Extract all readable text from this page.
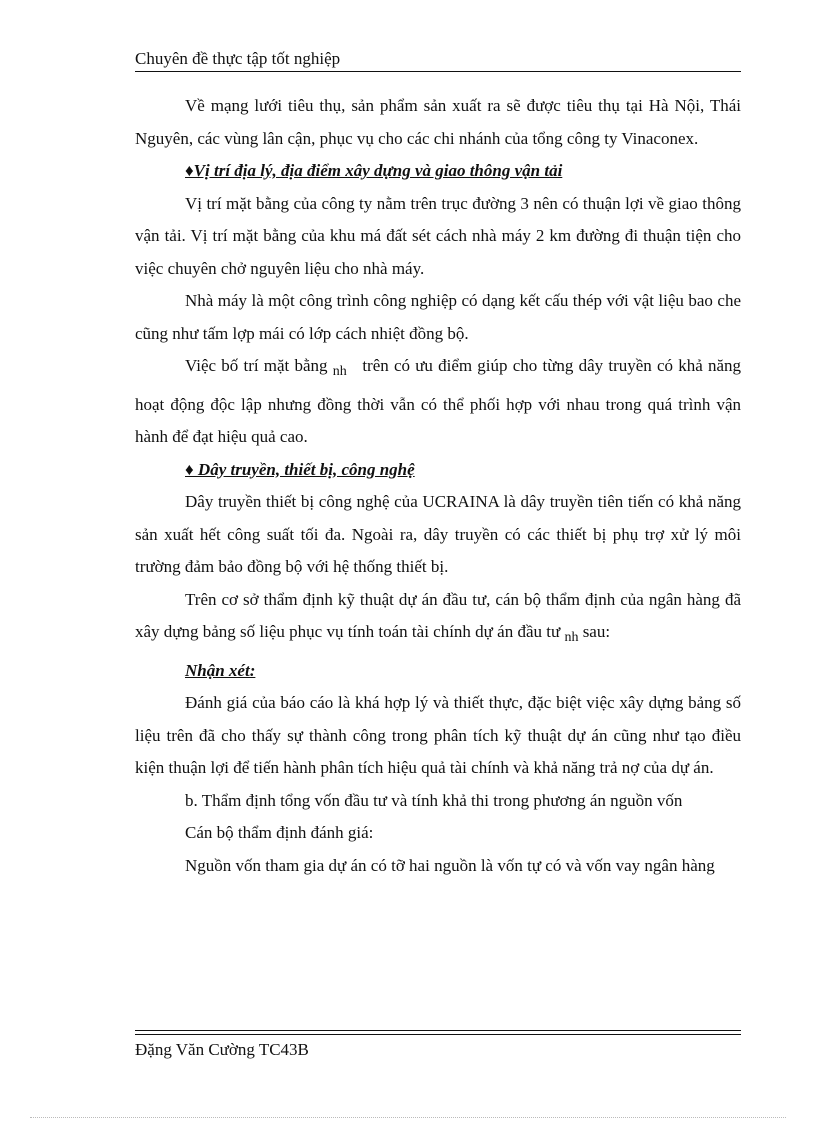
Chuyên đề thực tập tốt nghiệp

Về mạng lưới tiêu thụ, sản phẩm sản xuất ra sẽ được tiêu thụ tại Hà Nội, Thái Nguyên, các vùng lân cận, phục vụ cho các chi nhánh của tổng công ty Vinaconex.

♦Vị trí địa lý, địa điểm xây dựng và giao thông vận tải

Vị trí mặt bằng của công ty nằm trên trục đường 3 nên có thuận lợi về giao thông vận tải. Vị trí mặt bằng của khu má đất sét cách nhà máy 2 km đường đi thuận tiện cho việc chuyên chở nguyên liệu cho nhà máy.

Nhà máy là một công trình công nghiệp có dạng kết cấu thép với vật liệu bao che cũng như tấm lợp mái có lớp cách nhiệt đồng bộ.

Việc bố trí mặt bằng $_{nh}$ trên có ưu điểm giúp cho từng dây truyền có khả năng hoạt động độc lập nhưng đồng thời vẫn có thể phối hợp với nhau trong quá trình vận hành để đạt hiệu quả cao.

♦ Dây truyền, thiết bị, công nghệ

Dây truyền thiết bị công nghệ của UCRAINA là dây truyền tiên tiến có khả năng sản xuất hết công suất tối đa. Ngoài ra, dây truyền có các thiết bị phụ trợ xử lý môi trường đảm bảo đồng bộ với hệ thống thiết bị.

Trên cơ sở thẩm định kỹ thuật dự án đầu tư, cán bộ thẩm định của ngân hàng đã xây dựng bảng số liệu phục vụ tính toán tài chính dự án đầu tư $_{nh}$ sau:

Nhận xét:

Đánh giá của báo cáo là khá hợp lý và thiết thực, đặc biệt việc xây dựng bảng số liệu trên đã cho thấy sự thành công trong phân tích kỹ thuật dự án cũng như tạo điều kiện thuận lợi để tiến hành phân tích hiệu quả tài chính và khả năng trả nợ của dự án.

b. Thẩm định tổng vốn đầu tư và tính khả thi trong phương án nguồn vốn

Cán bộ thẩm định đánh giá:

Nguồn vốn tham gia dự án có tỡ hai nguồn là vốn tự có và vốn vay ngân hàng

Đặng Văn Cường TC43B
